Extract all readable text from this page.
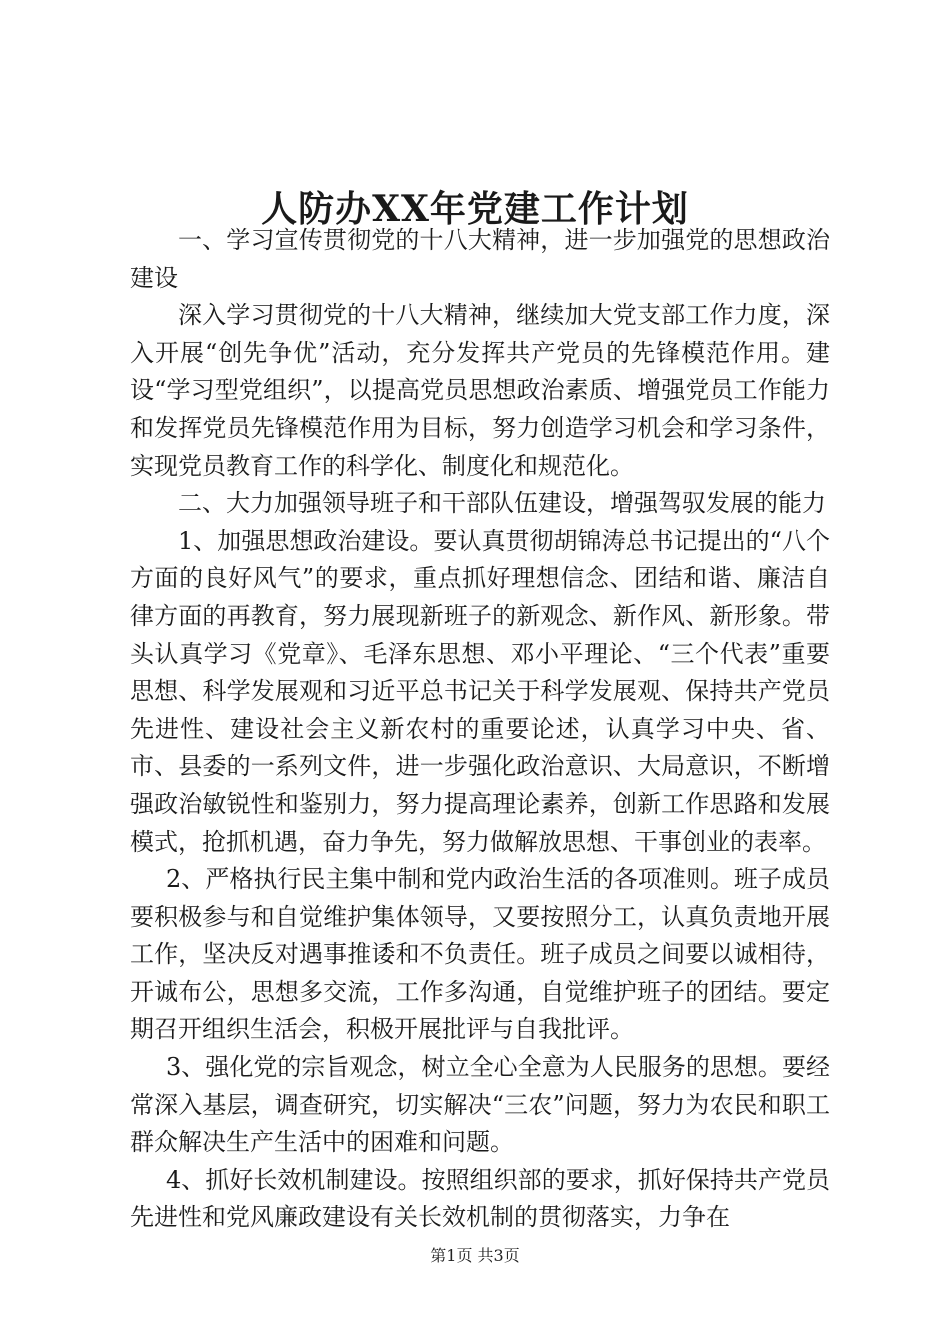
人防办XX年党建工作计划

一、学习宣传贯彻党的十八大精神，进一步加强党的思想政治建设

深入学习贯彻党的十八大精神，继续加大党支部工作力度，深入开展“创先争优”活动，充分发挥共产党员的先锋模范作用。建设“学习型党组织”，以提高党员思想政治素质、增强党员工作能力和发挥党员先锋模范作用为目标，努力创造学习机会和学习条件，实现党员教育工作的科学化、制度化和规范化。

二、大力加强领导班子和干部队伍建设，增强驾驭发展的能力

1、加强思想政治建设。要认真贯彻胡锦涛总书记提出的“八个方面的良好风气”的要求，重点抓好理想信念、团结和谐、廉洁自律方面的再教育，努力展现新班子的新观念、新作风、新形象。带头认真学习《党章》、毛泽东思想、邓小平理论、“三个代表”重要思想、科学发展观和习近平总书记关于科学发展观、保持共产党员先进性、建设社会主义新农村的重要论述，认真学习中央、省、市、县委的一系列文件，进一步强化政治意识、大局意识，不断增强政治敏锐性和鉴别力，努力提高理论素养，创新工作思路和发展模式，抢抓机遇，奋力争先，努力做解放思想、干事创业的表率。

2、严格执行民主集中制和党内政治生活的各项准则。班子成员要积极参与和自觉维护集体领导，又要按照分工，认真负责地开展工作，坚决反对遇事推诿和不负责任。班子成员之间要以诚相待，开诚布公，思想多交流，工作多沟通，自觉维护班子的团结。要定期召开组织生活会，积极开展批评与自我批评。

3、强化党的宗旨观念，树立全心全意为人民服务的思想。要经常深入基层，调查研究，切实解决“三农”问题，努力为农民和职工群众解决生产生活中的困难和问题。

4、抓好长效机制建设。按照组织部的要求，抓好保持共产党员先进性和党风廉政建设有关长效机制的贯彻落实，力争在

第1页 共3页
